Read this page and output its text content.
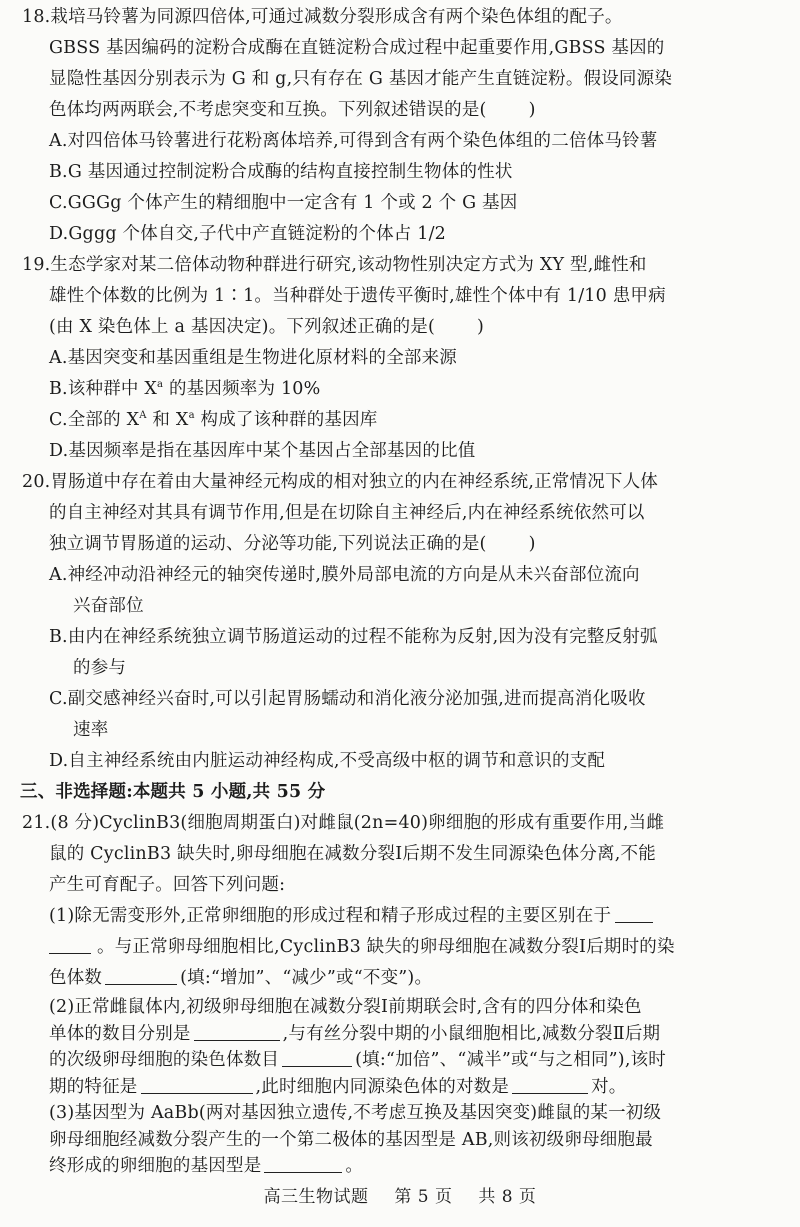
18.栽培马铃薯为同源四倍体,可通过减数分裂形成含有两个染色体组的配子。
GBSS 基因编码的淀粉合成酶在直链淀粉合成过程中起重要作用,GBSS 基因的
显隐性基因分别表示为 G 和 g,只有存在 G 基因才能产生直链淀粉。假设同源染
色体均两两联会,不考虑突变和互换。下列叙述错误的是( )
A.对四倍体马铃薯进行花粉离体培养,可得到含有两个染色体组的二倍体马铃薯
B.G 基因通过控制淀粉合成酶的结构直接控制生物体的性状
C.GGGg 个体产生的精细胞中一定含有 1 个或 2 个 G 基因
D.Gggg 个体自交,子代中产直链淀粉的个体占 1/2
19.生态学家对某二倍体动物种群进行研究,该动物性别决定方式为 XY 型,雌性和
雄性个体数的比例为 1∶1。当种群处于遗传平衡时,雄性个体中有 1/10 患甲病
(由 X 染色体上 a 基因决定)。下列叙述正确的是( )
A.基因突变和基因重组是生物进化原材料的全部来源
B.该种群中 $X^a$ 的基因频率为 10%
C.全部的 $X^A$ 和 $X^a$ 构成了该种群的基因库
D.基因频率是指在基因库中某个基因占全部基因的比值
20.胃肠道中存在着由大量神经元构成的相对独立的内在神经系统,正常情况下人体
的自主神经对其具有调节作用,但是在切除自主神经后,内在神经系统依然可以
独立调节胃肠道的运动、分泌等功能,下列说法正确的是( )
A.神经冲动沿神经元的轴突传递时,膜外局部电流的方向是从未兴奋部位流向
兴奋部位
B.由内在神经系统独立调节肠道运动的过程不能称为反射,因为没有完整反射弧
的参与
C.副交感神经兴奋时,可以引起胃肠蠕动和消化液分泌加强,进而提高消化吸收
速率
D.自主神经系统由内脏运动神经构成,不受高级中枢的调节和意识的支配
三、非选择题:本题共 5 小题,共 55 分
21.(8 分)CyclinB3(细胞周期蛋白)对雌鼠(2n=40)卵细胞的形成有重要作用,当雌
鼠的 CyclinB3 缺失时,卵母细胞在减数分裂Ⅰ后期不发生同源染色体分离,不能
产生可育配子。回答下列问题:
(1)除无需变形外,正常卵细胞的形成过程和精子形成过程的主要区别在于
。与正常卵母细胞相比,CyclinB3 缺失的卵母细胞在减数分裂Ⅰ后期时的染
色体数	(填:“增加”、“减少”或“不变”)。
(2)正常雌鼠体内,初级卵母细胞在减数分裂Ⅰ前期联会时,含有的四分体和染色
单体的数目分别是	,与有丝分裂中期的小鼠细胞相比,减数分裂Ⅱ后期
的次级卵母细胞的染色体数目	(填:“加倍”、“减半”或“与之相同”),该时
期的特征是	,此时细胞内同源染色体的对数是	对。
(3)基因型为 AaBb(两对基因独立遗传,不考虑互换及基因突变)雌鼠的某一初级
卵母细胞经减数分裂产生的一个第二极体的基因型是 AB,则该初级卵母细胞最
终形成的卵细胞的基因型是	。
高三生物试题 第 5 页 共 8 页
